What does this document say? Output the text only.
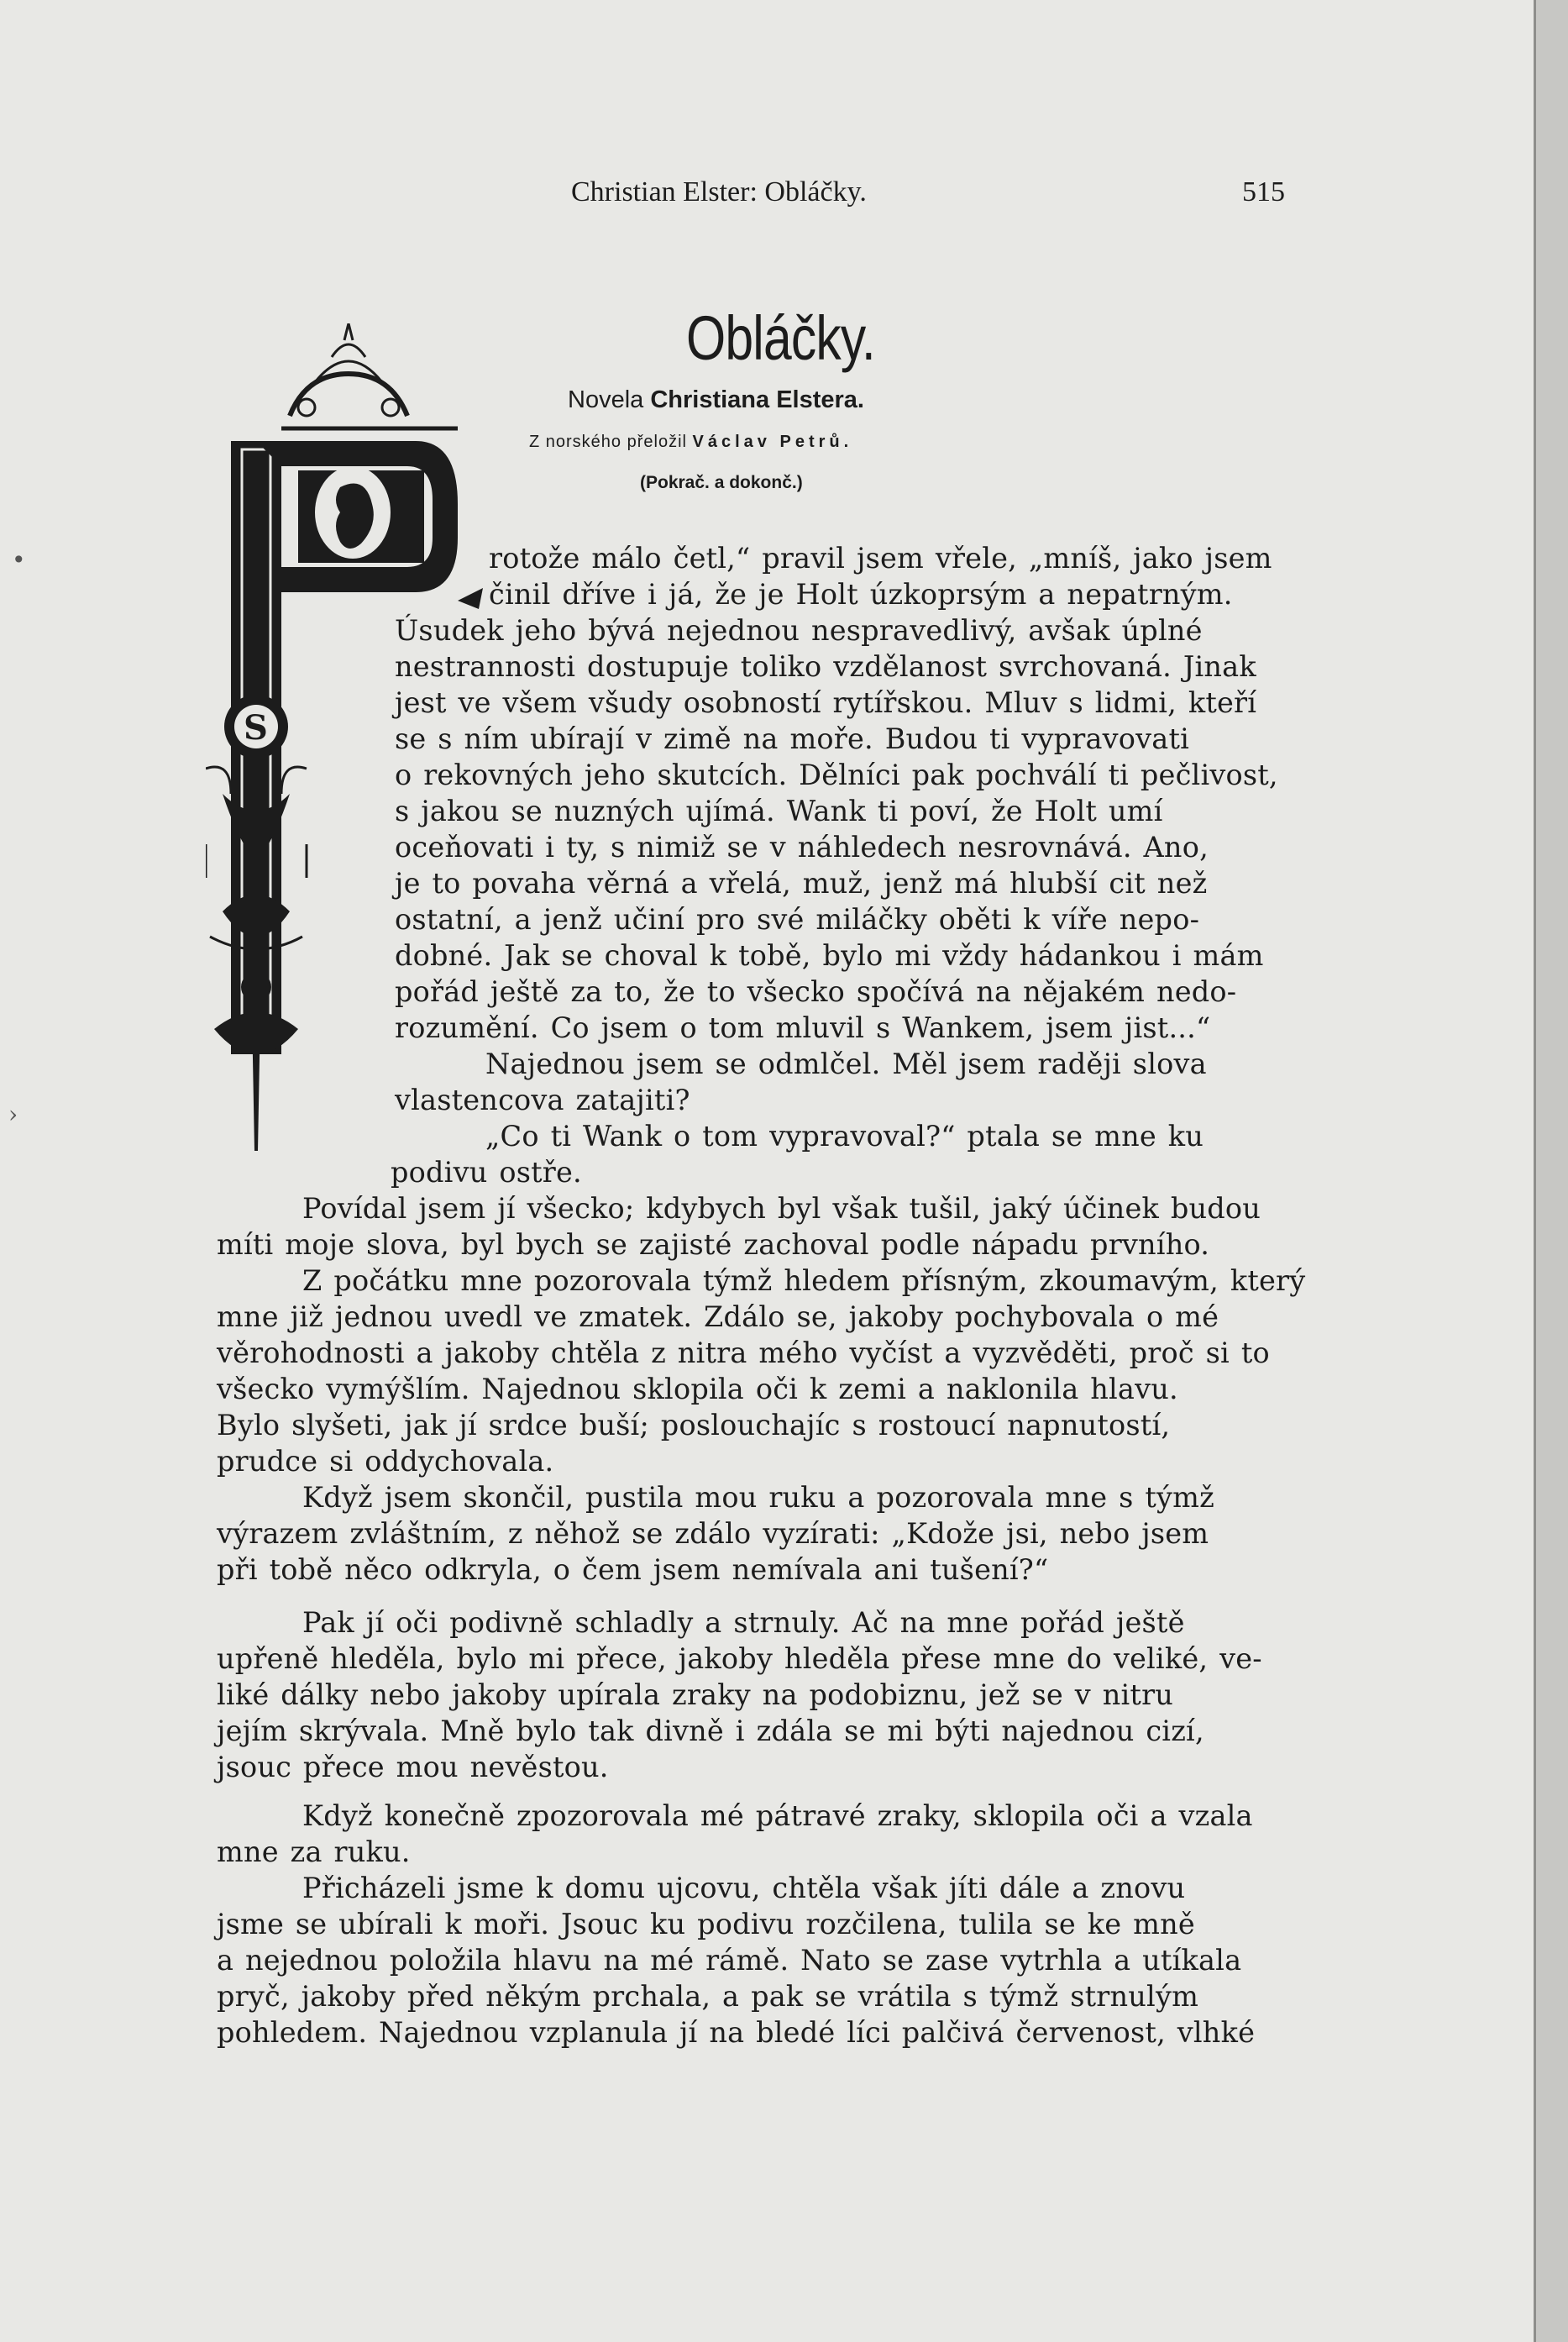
Christian Elster: Obláčky.	515
Obláčky.
Novela Christiana Elstera.
Z norského přeložil Václav Petrů.
(Pokrač. a dokonč.)
S
rotože málo četl,“ pravil jsem vřele, „mníš, jako jsem
činil dříve i já, že je Holt úzkoprsým a nepatrným.
Úsudek jeho bývá nejednou nespravedlivý, avšak úplné
nestrannosti dostupuje toliko vzdělanost svrchovaná. Jinak
jest ve všem všudy osobností rytířskou. Mluv s lidmi, kteří
se s ním ubírají v zimě na moře. Budou ti vypravovati
o rekovných jeho skutcích. Dělníci pak pochválí ti pečlivost,
s jakou se nuzných ujímá. Wank ti poví, že Holt umí
oceňovati i ty, s nimiž se v náhledech nesrovnává. Ano,
je to povaha věrná a vřelá, muž, jenž má hlubší cit než
ostatní, a jenž učiní pro své miláčky oběti k víře nepo-
dobné. Jak se choval k tobě, bylo mi vždy hádankou i mám
pořád ještě za to, že to všecko spočívá na nějakém nedo-
rozumění. Co jsem o tom mluvil s Wankem, jsem jist...“
Najednou jsem se odmlčel. Měl jsem raději slova
vlastencova zatajiti?
„Co ti Wank o tom vypravoval?“ ptala se mne ku
podivu ostře.
Povídal jsem jí všecko; kdybych byl však tušil, jaký účinek budou
míti moje slova, byl bych se zajisté zachoval podle nápadu prvního.
Z počátku mne pozorovala týmž hledem přísným, zkoumavým, který
mne již jednou uvedl ve zmatek. Zdálo se, jakoby pochybovala o mé
věrohodnosti a jakoby chtěla z nitra mého vyčíst a vyzvěděti, proč si to
všecko vymýšlím. Najednou sklopila oči k zemi a naklonila hlavu.
Bylo slyšeti, jak jí srdce buší; poslouchajíc s rostoucí napnutostí,
prudce si oddychovala.
Když jsem skončil, pustila mou ruku a pozorovala mne s týmž
výrazem zvláštním, z něhož se zdálo vyzírati: „Kdože jsi, nebo jsem
při tobě něco odkryla, o čem jsem nemívala ani tušení?“
Pak jí oči podivně schladly a strnuly. Ač na mne pořád ještě
upřeně hleděla, bylo mi přece, jakoby hleděla přese mne do veliké, ve-
liké dálky nebo jakoby upírala zraky na podobiznu, jež se v nitru
jejím skrývala. Mně bylo tak divně i zdála se mi býti najednou cizí,
jsouc přece mou nevěstou.
Když konečně zpozorovala mé pátravé zraky, sklopila oči a vzala
mne za ruku.
Přicházeli jsme k domu ujcovu, chtěla však jíti dále a znovu
jsme se ubírali k moři. Jsouc ku podivu rozčilena, tulila se ke mně
a nejednou položila hlavu na mé rámě. Nato se zase vytrhla a utíkala
pryč, jakoby před někým prchala, a pak se vrátila s týmž strnulým
pohledem. Najednou vzplanula jí na bledé líci palčivá červenost, vlhké
•
›
